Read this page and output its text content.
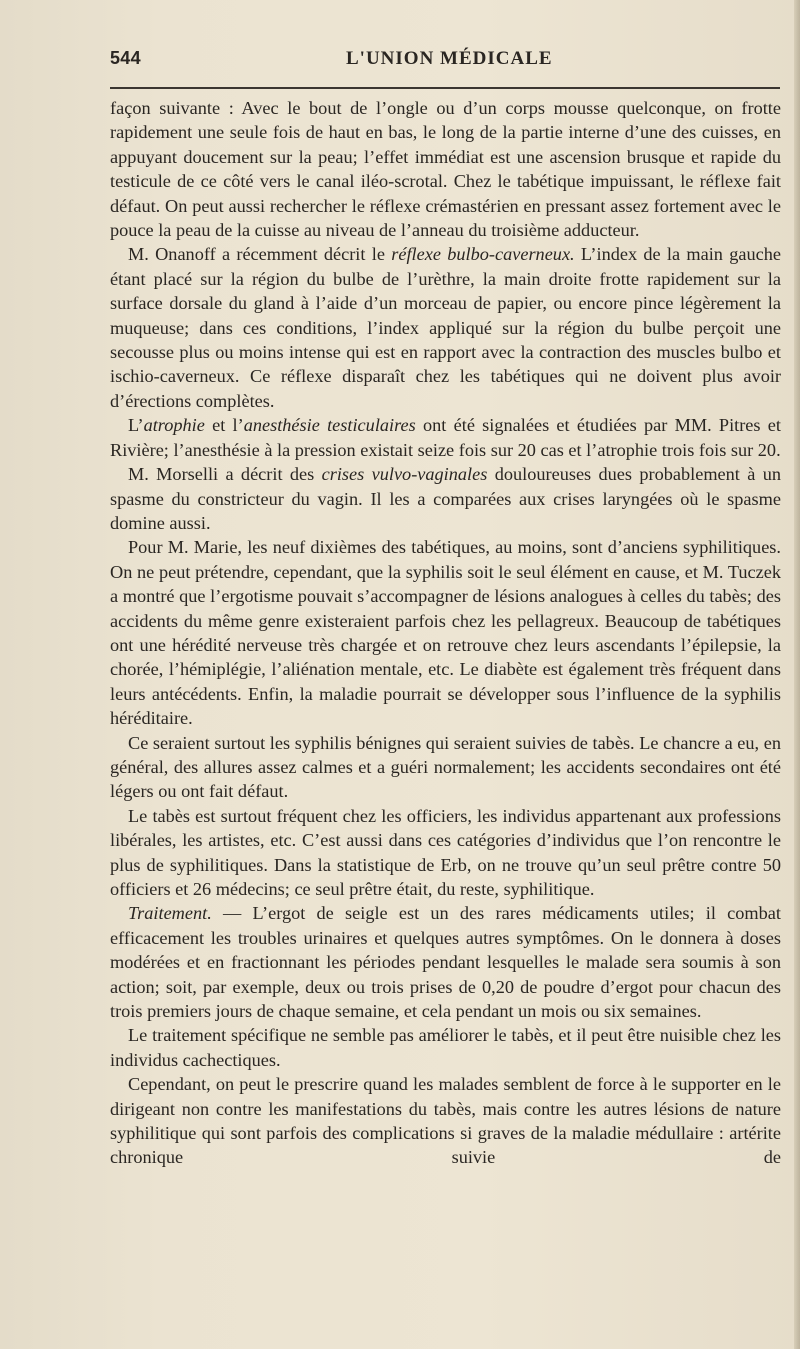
544	L'UNION MÉDICALE

façon suivante : Avec le bout de l’ongle ou d’un corps mousse quelconque, on frotte rapidement une seule fois de haut en bas, le long de la partie interne d’une des cuisses, en appuyant doucement sur la peau; l’effet immédiat est une ascension brusque et rapide du testicule de ce côté vers le canal iléo-scrotal. Chez le tabétique impuissant, le réflexe fait défaut. On peut aussi rechercher le réflexe crémastérien en pressant assez fortement avec le pouce la peau de la cuisse au niveau de l’anneau du troisième adducteur.

M. Onanoff a récemment décrit le réflexe bulbo-caverneux. L’index de la main gauche étant placé sur la région du bulbe de l’urèthre, la main droite frotte rapidement sur la surface dorsale du gland à l’aide d’un morceau de papier, ou encore pince légèrement la muqueuse; dans ces conditions, l’index appliqué sur la région du bulbe perçoit une secousse plus ou moins intense qui est en rapport avec la contraction des muscles bulbo et ischio-caverneux. Ce réflexe disparaît chez les tabétiques qui ne doivent plus avoir d’érections complètes.

L’atrophie et l’anesthésie testiculaires ont été signalées et étudiées par MM. Pitres et Rivière; l’anesthésie à la pression existait seize fois sur 20 cas et l’atrophie trois fois sur 20.

M. Morselli a décrit des crises vulvo-vaginales douloureuses dues probablement à un spasme du constricteur du vagin. Il les a comparées aux crises laryngées où le spasme domine aussi.

Pour M. Marie, les neuf dixièmes des tabétiques, au moins, sont d’anciens syphilitiques. On ne peut prétendre, cependant, que la syphilis soit le seul élément en cause, et M. Tuczek a montré que l’ergotisme pouvait s’accompagner de lésions analogues à celles du tabès; des accidents du même genre existeraient parfois chez les pellagreux. Beaucoup de tabétiques ont une hérédité nerveuse très chargée et on retrouve chez leurs ascendants l’épilepsie, la chorée, l’hémiplégie, l’aliénation mentale, etc. Le diabète est également très fréquent dans leurs antécédents. Enfin, la maladie pourrait se développer sous l’influence de la syphilis héréditaire.

Ce seraient surtout les syphilis bénignes qui seraient suivies de tabès. Le chancre a eu, en général, des allures assez calmes et a guéri normalement; les accidents secondaires ont été légers ou ont fait défaut.

Le tabès est surtout fréquent chez les officiers, les individus appartenant aux professions libérales, les artistes, etc. C’est aussi dans ces catégories d’individus que l’on rencontre le plus de syphilitiques. Dans la statistique de Erb, on ne trouve qu’un seul prêtre contre 50 officiers et 26 médecins; ce seul prêtre était, du reste, syphilitique.

Traitement. — L’ergot de seigle est un des rares médicaments utiles; il combat efficacement les troubles urinaires et quelques autres symptômes. On le donnera à doses modérées et en fractionnant les périodes pendant lesquelles le malade sera soumis à son action; soit, par exemple, deux ou trois prises de 0,20 de poudre d’ergot pour chacun des trois premiers jours de chaque semaine, et cela pendant un mois ou six semaines.

Le traitement spécifique ne semble pas améliorer le tabès, et il peut être nuisible chez les individus cachectiques.

Cependant, on peut le prescrire quand les malades semblent de force à le supporter en le dirigeant non contre les manifestations du tabès, mais contre les autres lésions de nature syphilitique qui sont parfois des complications si graves de la maladie médullaire : artérite chronique suivie de
